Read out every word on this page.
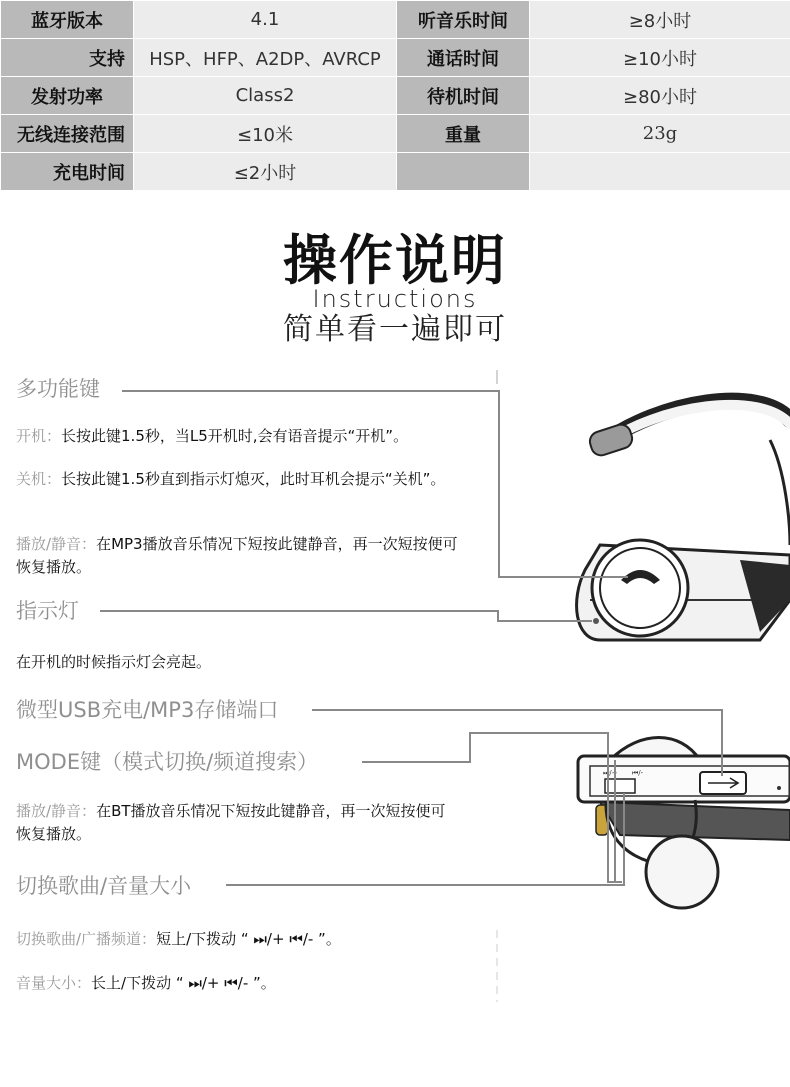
蓝牙版本	4.1	听音乐时间	≥8小时
支持	HSP、HFP、A2DP、AVRCP	通话时间	≥10小时
发射功率	Class2	待机时间	≥80小时
无线连接范围	≤10米	重量	23g
充电时间	≤2小时		
操作说明
Instructions
简单看一遍即可
⏭/+ ⏮/-
多功能键
开机：长按此键1.5秒，当L5开机时,会有语音提示“开机”。
关机：长按此键1.5秒直到指示灯熄灭，此时耳机会提示“关机”。
播放/静音：在MP3播放音乐情况下短按此键静音，再一次短按便可恢复播放。
指示灯
在开机的时候指示灯会亮起。
微型USB充电/MP3存储端口
MODE键（模式切换/频道搜索）
播放/静音：在BT播放音乐情况下短按此键静音，再一次短按便可恢复播放。
切换歌曲/音量大小
切换歌曲/广播频道：短上/下拨动 “ ⏭/+ ⏮/- ”。
音量大小：长上/下拨动 “ ⏭/+ ⏮/- ”。
